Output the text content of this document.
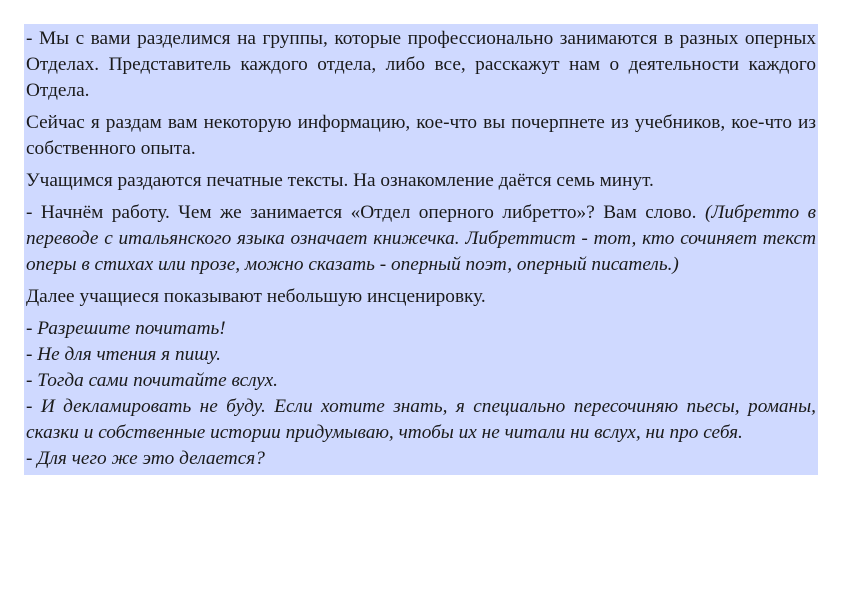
- Мы с вами разделимся на группы, которые профессионально занимаются в разных оперных Отделах. Представитель каждого отдела, либо все, расскажут нам о деятельности каждого Отдела.

Сейчас я раздам вам некоторую информацию, кое-что вы почерпнете из учебников, кое-что из собственного опыта.

Учащимся раздаются печатные тексты. На ознакомление даётся семь минут.

- Начнём работу. Чем же занимается «Отдел оперного либретто»? Вам слово. (Либретто в переводе с итальянского языка означает книжечка. Либреттист - тот, кто сочиняет текст оперы в стихах или прозе, можно сказать - оперный поэт, оперный писатель.)

Далее учащиеся показывают небольшую инсценировку.

- Разрешите почитать!
- Не для чтения я пишу.
- Тогда сами почитайте вслух.
- И декламировать не буду. Если хотите знать, я специально пересочиняю пьесы, романы, сказки и собственные истории придумываю, чтобы их не читали ни вслух, ни про себя.
- Для чего же это делается?
